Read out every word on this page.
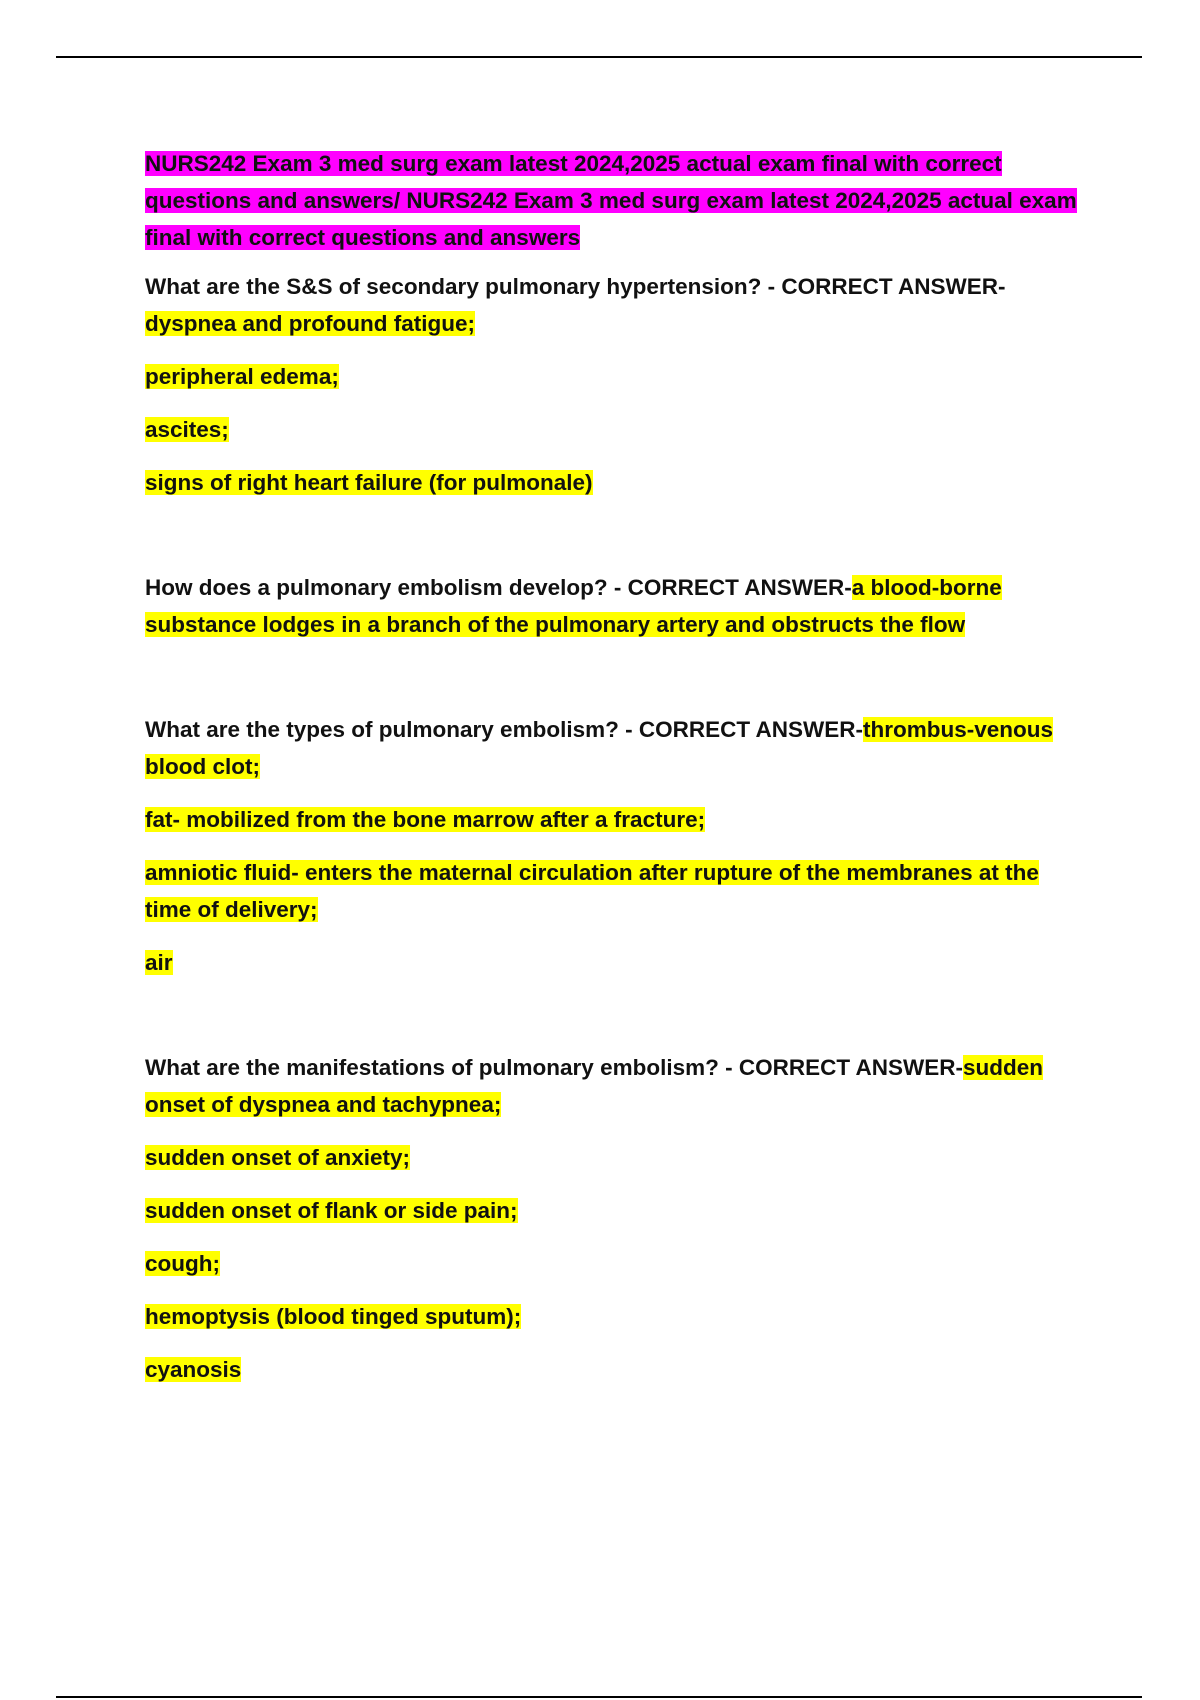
NURS242 Exam 3 med surg exam latest 2024,2025 actual exam final with correct questions and answers/ NURS242 Exam 3 med surg exam latest 2024,2025 actual exam final with correct questions and answers

What are the S&S of secondary pulmonary hypertension? - CORRECT ANSWER-dyspnea and profound fatigue;

peripheral edema;

ascites;

signs of right heart failure (for pulmonale)

How does a pulmonary embolism develop? - CORRECT ANSWER-a blood-borne substance lodges in a branch of the pulmonary artery and obstructs the flow

What are the types of pulmonary embolism? - CORRECT ANSWER-thrombus-venous blood clot;

fat- mobilized from the bone marrow after a fracture;

amniotic fluid- enters the maternal circulation after rupture of the membranes at the time of delivery;

air

What are the manifestations of pulmonary embolism? - CORRECT ANSWER-sudden onset of dyspnea and tachypnea;

sudden onset of anxiety;

sudden onset of flank or side pain;

cough;

hemoptysis (blood tinged sputum);

cyanosis
